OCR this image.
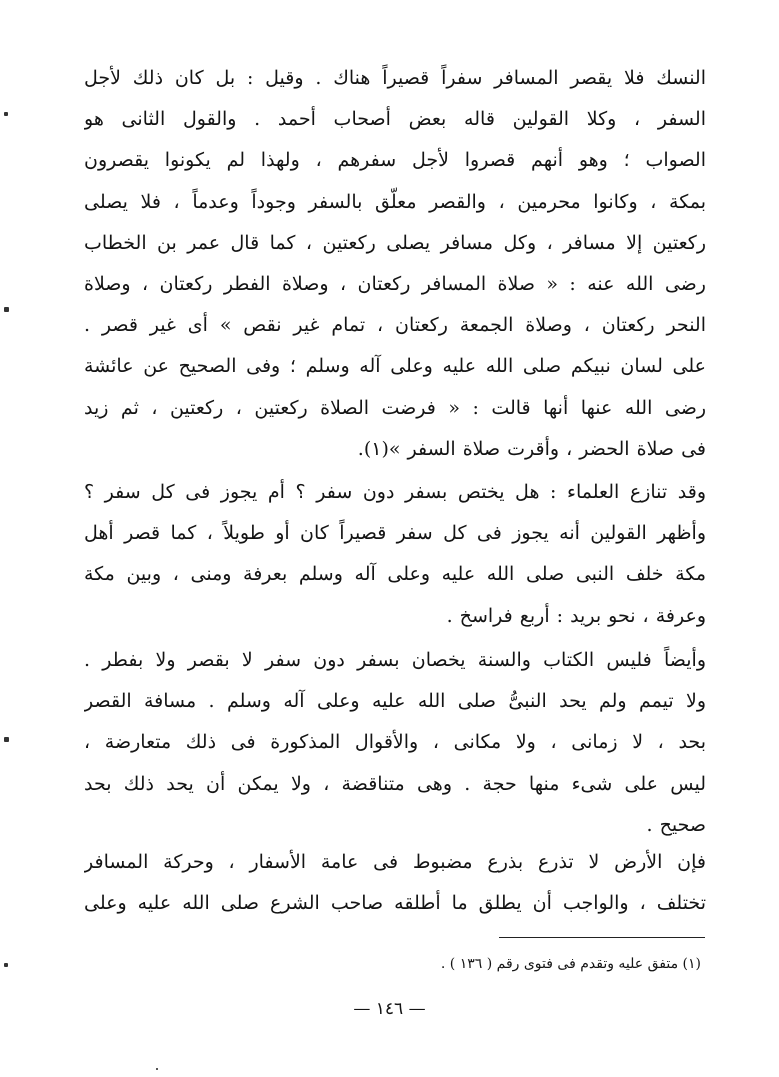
النسك فلا يقصر المسافر سفراً قصيراً هناك . وقيل : بل كان ذلك لأجل
السفر ، وكلا القولين قاله بعض أصحاب أحمد . والقول الثانى هو
الصواب ؛ وهو أنهم قصروا لأجل سفرهم ، ولهذا لم يكونوا يقصرون
بمكة ، وكانوا محرمين ، والقصر معلّق بالسفر وجوداً وعدماً ، فلا يصلى
ركعتين إلا مسافر ، وكل مسافر يصلى ركعتين ، كما قال عمر بن الخطاب
رضى الله عنه : « صلاة المسافر ركعتان ، وصلاة الفطر ركعتان ، وصلاة
النحر ركعتان ، وصلاة الجمعة ركعتان ، تمام غير نقص » أى غير قصر .
على لسان نبيكم صلى الله عليه وعلى آله وسلم ؛ وفى الصحيح عن عائشة
رضى الله عنها أنها قالت : « فرضت الصلاة ركعتين ، ركعتين ، ثم زيد
فى صلاة الحضر ، وأقرت صلاة السفر »(١).
وقد تنازع العلماء : هل يختص بسفر دون سفر ؟ أم يجوز فى كل سفر ؟
وأظهر القولين أنه يجوز فى كل سفر قصيراً كان أو طويلاً ، كما قصر أهل
مكة خلف النبى صلى الله عليه وعلى آله وسلم بعرفة ومنى ، وبين مكة
وعرفة ، نحو بريد : أربع فراسخ .
وأيضاً فليس الكتاب والسنة يخصان بسفر دون سفر لا بقصر ولا بفطر .
ولا تيمم ولم يحد النبىُّ صلى الله عليه وعلى آله وسلم . مسافة القصر
بحد ، لا زمانى ، ولا مكانى ، والأقوال المذكورة فى ذلك متعارضة ،
ليس على شىء منها حجة . وهى متناقضة ، ولا يمكن أن يحد ذلك بحد
صحيح .
فإن الأرض لا تذرع بذرع مضبوط فى عامة الأسفار ، وحركة المسافر
تختلف ، والواجب أن يطلق ما أطلقه صاحب الشرع صلى الله عليه وعلى
(١) متفق عليه وتقدم فى فتوى رقم ( ١٣٦ ) .
— ١٤٦ —
